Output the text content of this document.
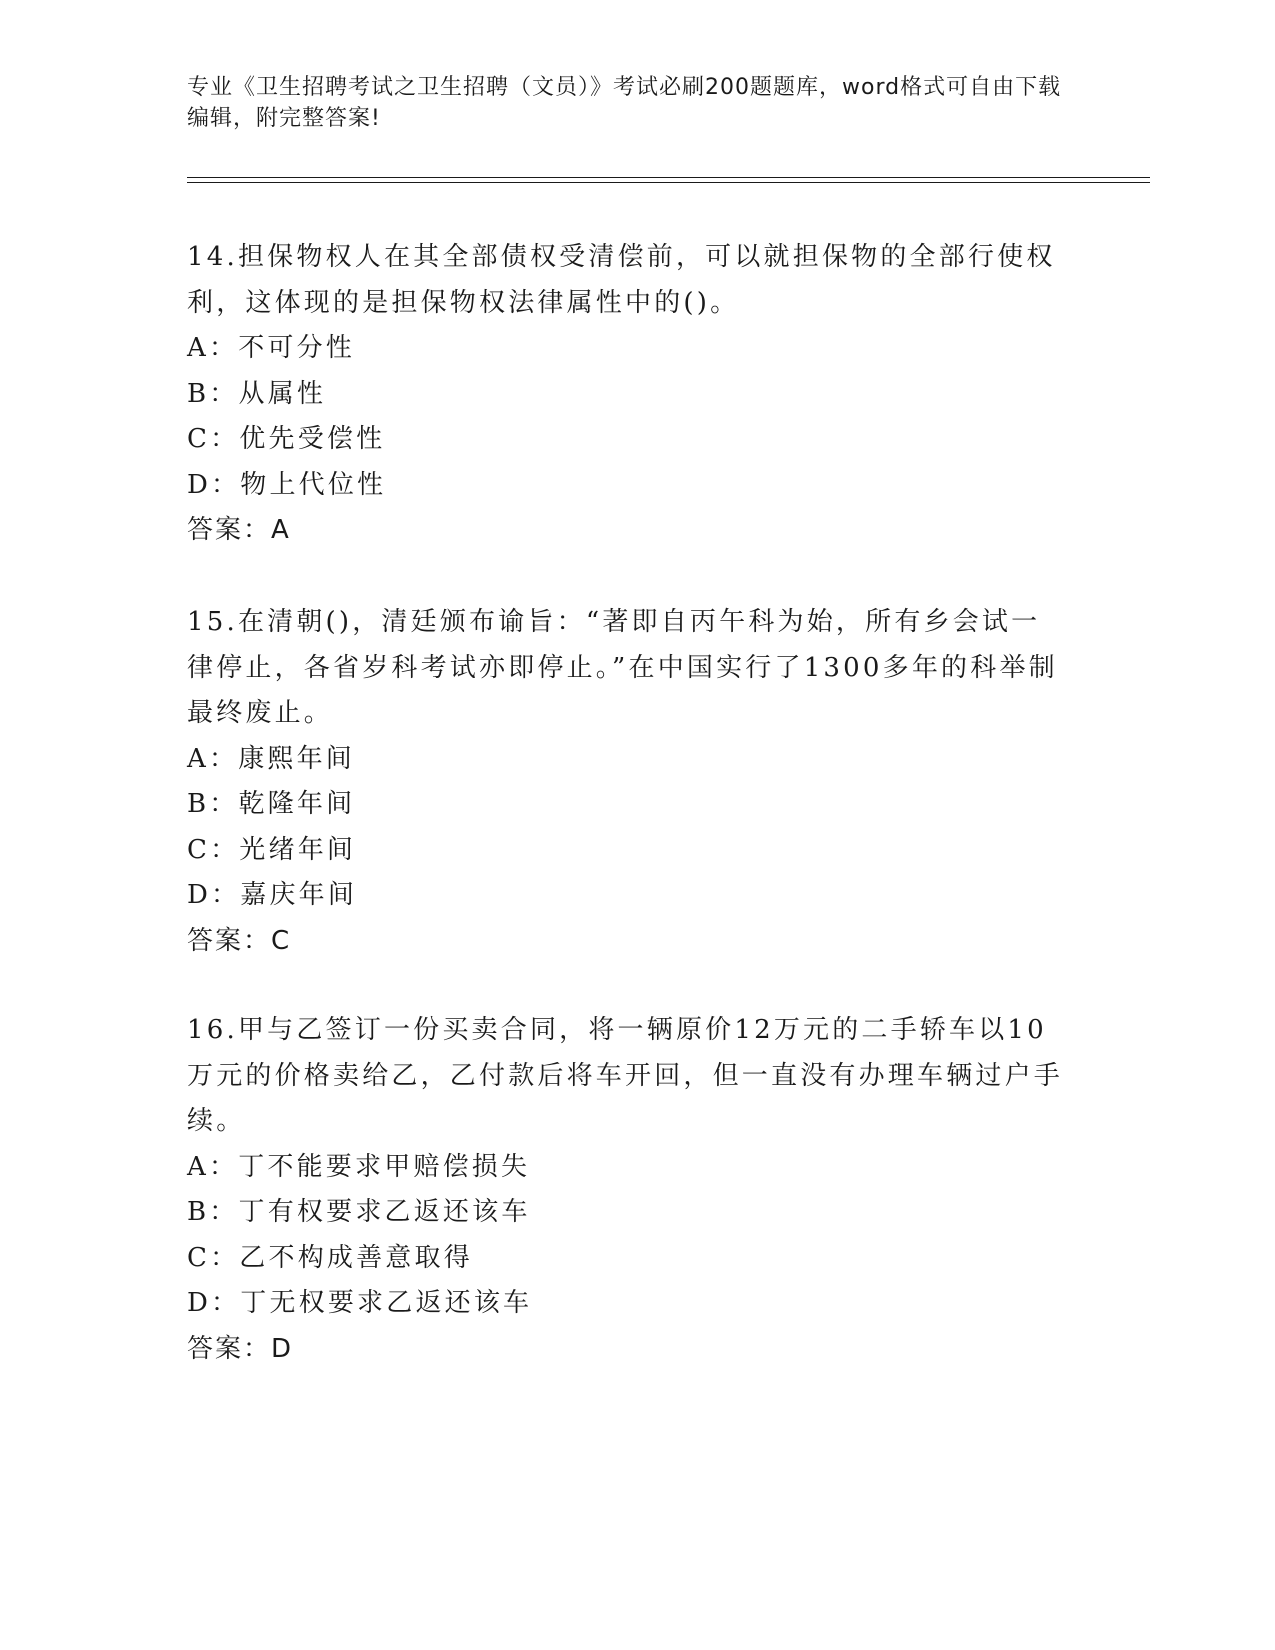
专业《卫生招聘考试之卫生招聘（文员）》考试必刷200题题库，word格式可自由下载编辑，附完整答案!

14.担保物权人在其全部债权受清偿前，可以就担保物的全部行使权利，这体现的是担保物权法律属性中的()。

A：不可分性

B：从属性

C：优先受偿性

D：物上代位性

答案：A

15.在清朝()，清廷颁布谕旨：“著即自丙午科为始，所有乡会试一律停止，各省岁科考试亦即停止。”在中国实行了1300多年的科举制最终废止。

A：康熙年间

B：乾隆年间

C：光绪年间

D：嘉庆年间

答案：C

16.甲与乙签订一份买卖合同，将一辆原价12万元的二手轿车以10万元的价格卖给乙，乙付款后将车开回，但一直没有办理车辆过户手续。

A：丁不能要求甲赔偿损失

B：丁有权要求乙返还该车

C：乙不构成善意取得

D：丁无权要求乙返还该车

答案：D
